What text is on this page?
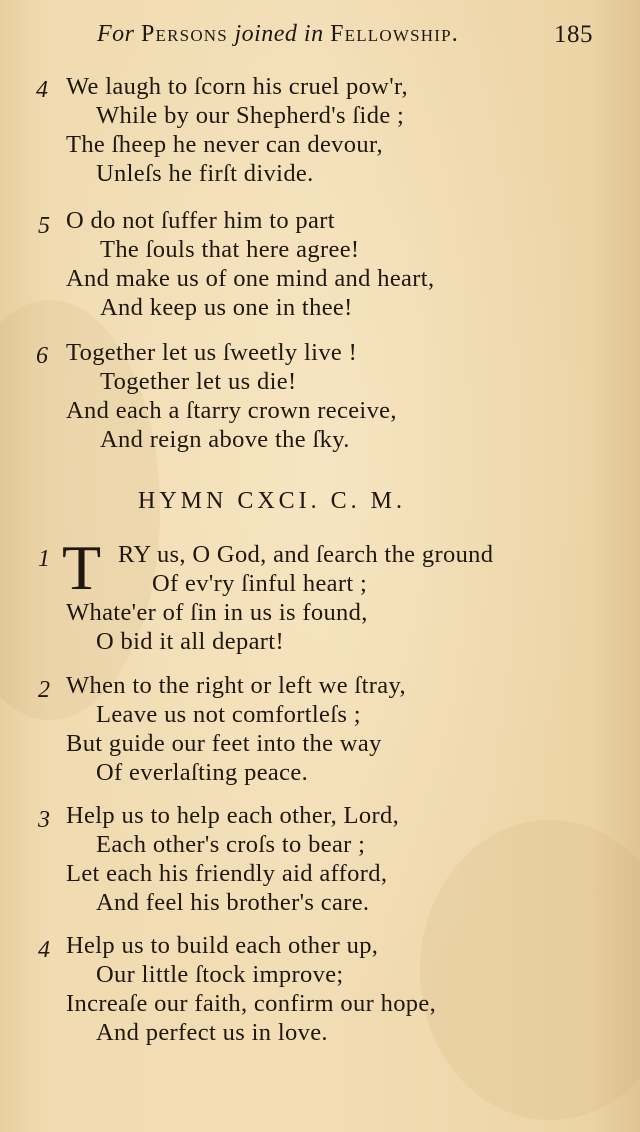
For Persons joined in Fellowship.	185
4 We laugh to ſcorn his cruel pow'r,
While by our Shepherd's ſide ;
The ſheep he never can devour,
Unleſs he firſt divide.
5 O do not ſuffer him to part
The ſouls that here agree!
And make us of one mind and heart,
And keep us one in thee!
6 Together let us ſweetly live !
Together let us die!
And each a ſtarry crown receive,
And reign above the ſky.
HYMN CXCI. C. M.
1 T RY us, O God, and ſearch the ground
Of ev'ry ſinful heart ;
Whate'er of ſin in us is found,
O bid it all depart!
2 When to the right or left we ſtray,
Leave us not comfortleſs ;
But guide our feet into the way
Of everlaſting peace.
3 Help us to help each other, Lord,
Each other's croſs to bear ;
Let each his friendly aid afford,
And feel his brother's care.
4 Help us to build each other up,
Our little ſtock improve;
Increaſe our faith, confirm our hope,
And perfect us in love.
